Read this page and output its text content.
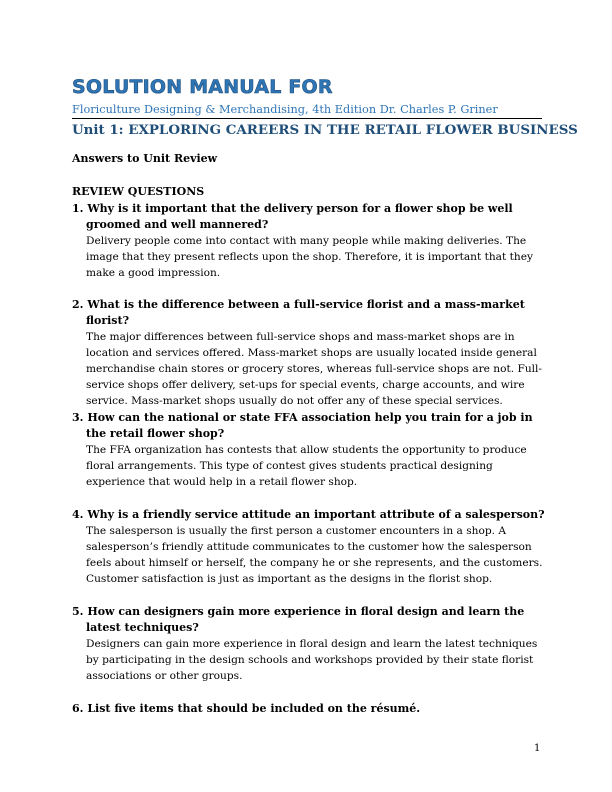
SOLUTION MANUAL FOR
Floriculture Designing & Merchandising, 4th Edition Dr. Charles P. Griner
Unit 1: EXPLORING CAREERS IN THE RETAIL FLOWER BUSINESS
Answers to Unit Review
REVIEW QUESTIONS
1. Why is it important that the delivery person for a flower shop be well groomed and well mannered?
Delivery people come into contact with many people while making deliveries. The image that they present reflects upon the shop. Therefore, it is important that they make a good impression.
2. What is the difference between a full-service florist and a mass-market florist?
The major differences between full-service shops and mass-market shops are in location and services offered. Mass-market shops are usually located inside general merchandise chain stores or grocery stores, whereas full-service shops are not. Full-service shops offer delivery, set-ups for special events, charge accounts, and wire service. Mass-market shops usually do not offer any of these special services.
3. How can the national or state FFA association help you train for a job in the retail flower shop?
The FFA organization has contests that allow students the opportunity to produce floral arrangements. This type of contest gives students practical designing experience that would help in a retail flower shop.
4. Why is a friendly service attitude an important attribute of a salesperson?
The salesperson is usually the first person a customer encounters in a shop. A salesperson’s friendly attitude communicates to the customer how the salesperson feels about himself or herself, the company he or she represents, and the customers. Customer satisfaction is just as important as the designs in the florist shop.
5. How can designers gain more experience in floral design and learn the latest techniques?
Designers can gain more experience in floral design and learn the latest techniques by participating in the design schools and workshops provided by their state florist associations or other groups.
6. List five items that should be included on the résumé.
1
